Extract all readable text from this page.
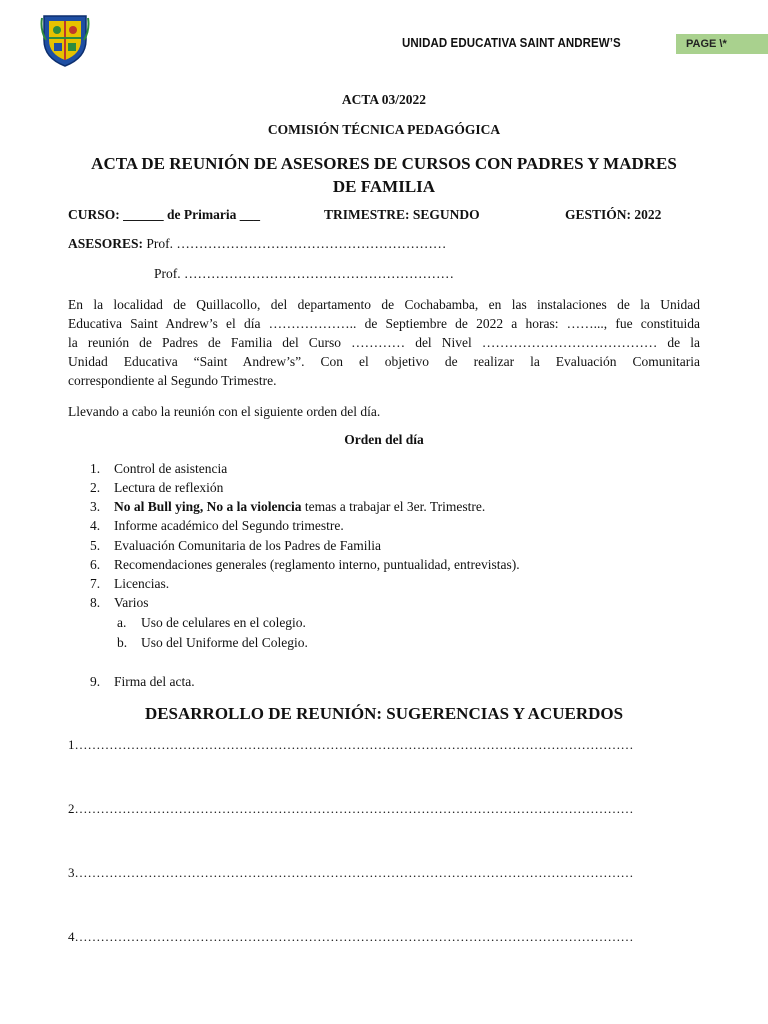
UNIDAD EDUCATIVA SAINT ANDREW’S	PAGE \*
ACTA 03/2022
COMISIÓN TÉCNICA PEDAGÓGICA
ACTA DE REUNIÓN DE ASESORES DE CURSOS CON PADRES Y MADRES
DE FAMILIA
CURSO: ______ de Primaria ___	TRIMESTRE: SEGUNDO	GESTIÓN: 2022
ASESORES: Prof. ……………………………………………………
Prof. ……………………………………………………
En la localidad de Quillacollo, del departamento de Cochabamba, en las instalaciones de la Unidad
Educativa Saint Andrew’s el día ……………….. de Septiembre de 2022 a horas: ……..., fue constituida
la reunión de Padres de Familia del Curso ………… del Nivel ………………………………… de la
Unidad Educativa “Saint Andrew’s”. Con el objetivo de realizar la Evaluación Comunitaria
correspondiente al Segundo Trimestre.
Llevando a cabo la reunión con el siguiente orden del día.
Orden del día
1. Control de asistencia
2. Lectura de reflexión
3. No al Bull ying, No a la violencia temas a trabajar el 3er. Trimestre.
4. Informe académico del Segundo trimestre.
5. Evaluación Comunitaria de los Padres de Familia
6. Recomendaciones generales (reglamento interno, puntualidad, entrevistas).
7. Licencias.
8. Varios
a. Uso de celulares en el colegio.
b. Uso del Uniforme del Colegio.
9. Firma del acta.
DESARROLLO DE REUNIÓN: SUGERENCIAS Y ACUERDOS
1…………………………………………………………………………………………………………………
2…………………………………………………………………………………………………………………
3…………………………………………………………………………………………………………………
4…………………………………………………………………………………………………………………
